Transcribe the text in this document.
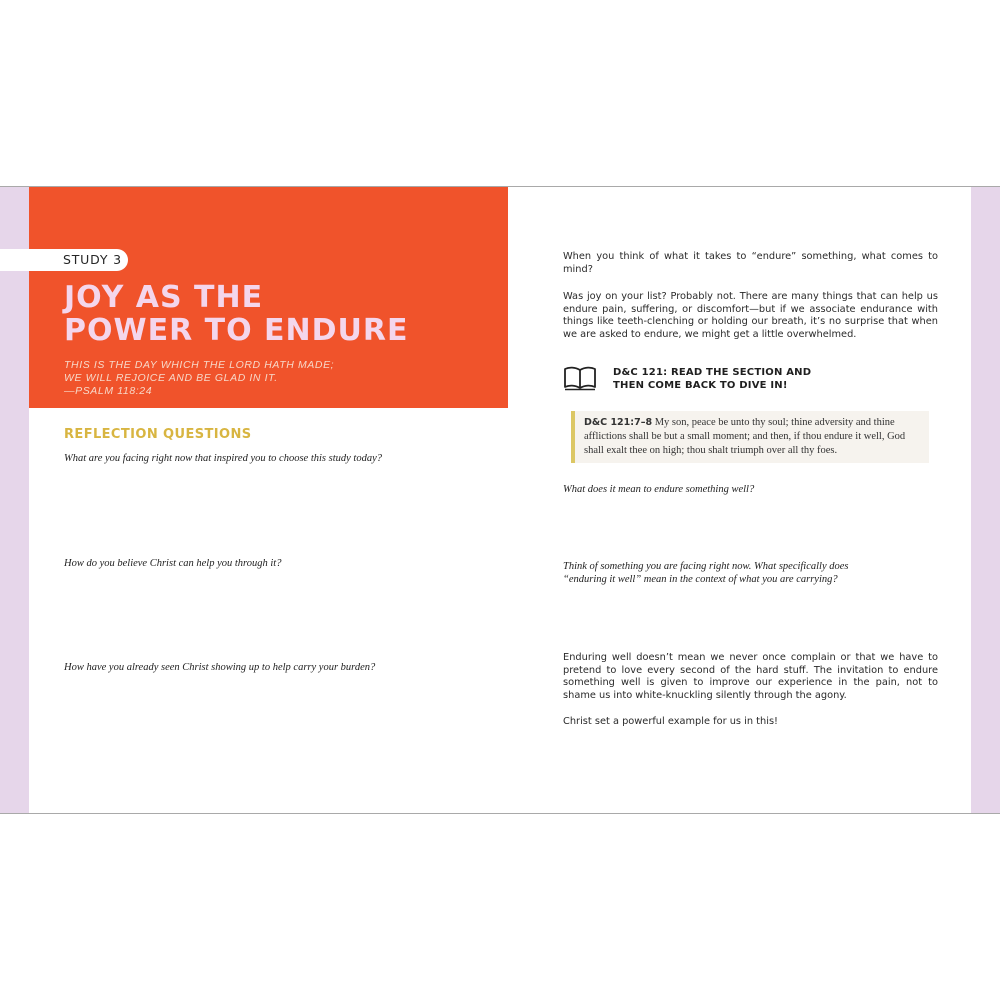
STUDY 3
JOY AS THE
POWER TO ENDURE
THIS IS THE DAY WHICH THE LORD HATH MADE;
WE WILL REJOICE AND BE GLAD IN IT.
—PSALM 118:24
REFLECTION QUESTIONS
What are you facing right now that inspired you to choose this study today?
How do you believe Christ can help you through it?
How have you already seen Christ showing up to help carry your burden?
When you think of what it takes to “endure” something, what comes to mind?
Was joy on your list? Probably not. There are many things that can help us endure pain, suffering, or discomfort—but if we associate endurance with things like teeth-clenching or holding our breath, it’s no surprise that when we are asked to endure, we might get a little overwhelmed.
D&C 121: READ THE SECTION AND
THEN COME BACK TO DIVE IN!
D&C 121:7–8 My son, peace be unto thy soul; thine adversity and thine afflictions shall be but a small moment; and then, if thou endure it well, God shall exalt thee on high; thou shalt triumph over all thy foes.
What does it mean to endure something well?
Think of something you are facing right now. What specifically does
“enduring it well” mean in the context of what you are carrying?
Enduring well doesn’t mean we never once complain or that we have to pretend to love every second of the hard stuff. The invitation to endure something well is given to improve our experience in the pain, not to shame us into white-knuckling silently through the agony.
Christ set a powerful example for us in this!
